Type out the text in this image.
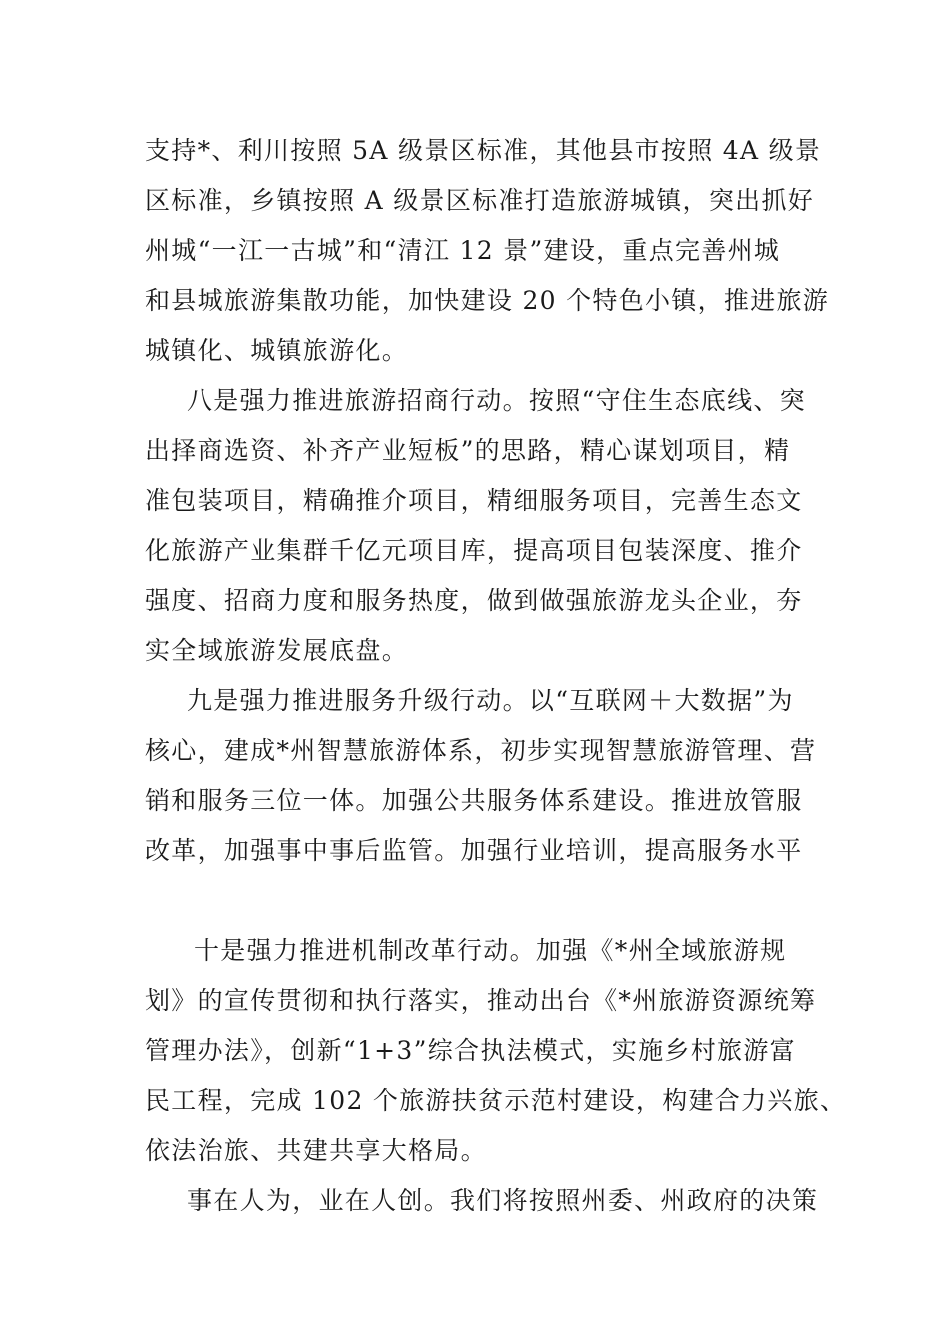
支持*、利川按照 5A 级景区标准，其他县市按照 4A 级景
区标准，乡镇按照 A 级景区标准打造旅游城镇，突出抓好
州城“一江一古城”和“清江 12 景”建设，重点完善州城
和县城旅游集散功能，加快建设 20 个特色小镇，推进旅游
城镇化、城镇旅游化。
八是强力推进旅游招商行动。按照“守住生态底线、突
出择商选资、补齐产业短板”的思路，精心谋划项目，精
准包装项目，精确推介项目，精细服务项目，完善生态文
化旅游产业集群千亿元项目库，提高项目包装深度、推介
强度、招商力度和服务热度，做到做强旅游龙头企业，夯
实全域旅游发展底盘。
九是强力推进服务升级行动。以“互联网＋大数据”为
核心，建成*州智慧旅游体系，初步实现智慧旅游管理、营
销和服务三位一体。加强公共服务体系建设。推进放管服
改革，加强事中事后监管。加强行业培训，提高服务水平
十是强力推进机制改革行动。加强《*州全域旅游规
划》的宣传贯彻和执行落实，推动出台《*州旅游资源统筹
管理办法》，创新“1+3”综合执法模式，实施乡村旅游富
民工程，完成 102 个旅游扶贫示范村建设，构建合力兴旅、
依法治旅、共建共享大格局。
事在人为，业在人创。我们将按照州委、州政府的决策
